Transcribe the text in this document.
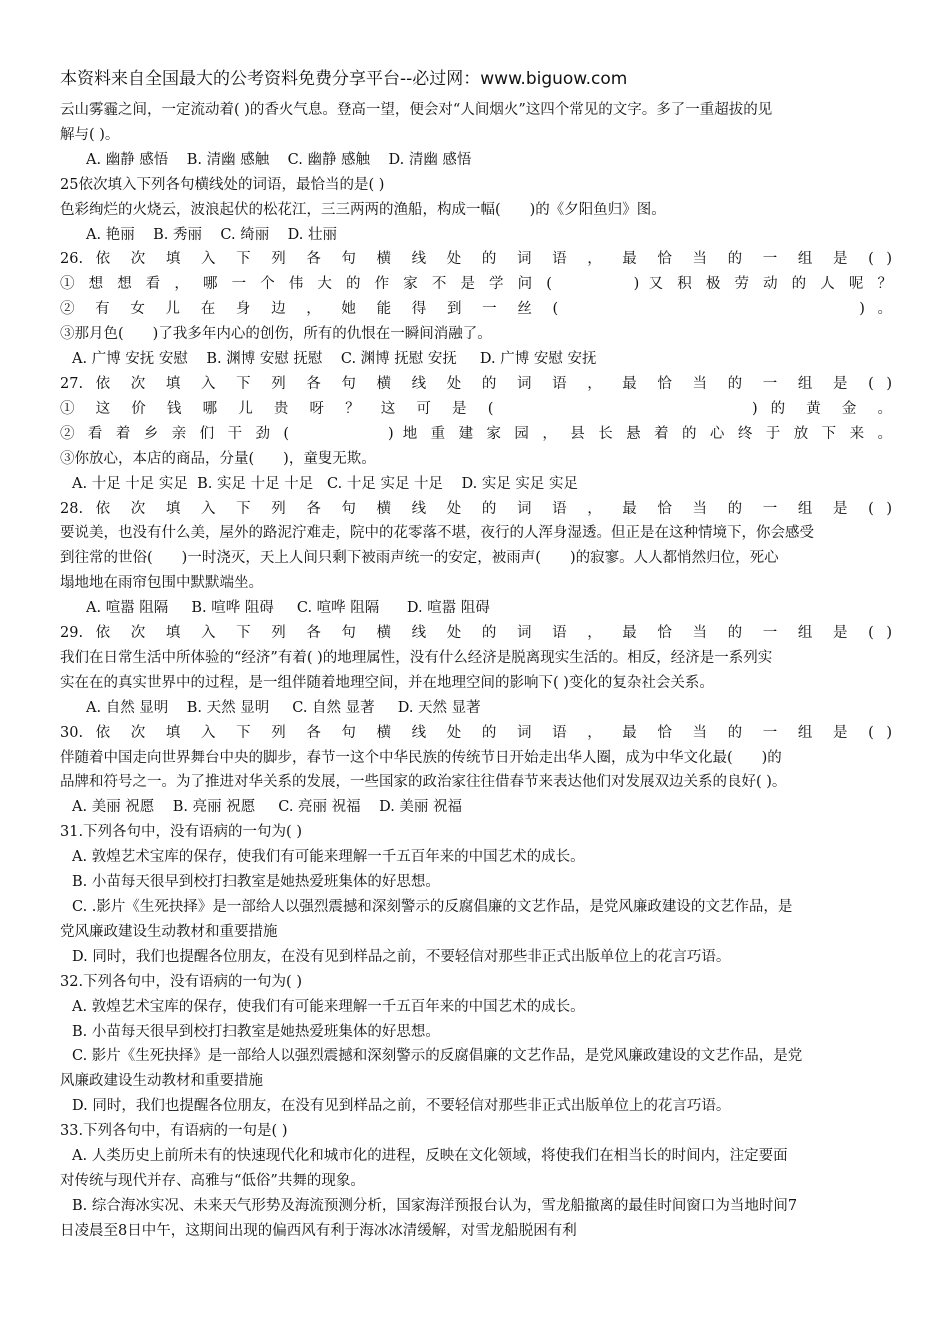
本资料来自全国最大的公考资料免费分享平台--必过网：www.biguow.com

云山雾霾之间，一定流动着( )的香火气息。登高一望，便会对“人间烟火”这四个常见的文字。多了一重超拔的见

解与( )。

A. 幽静 感悟    B. 清幽 感触    C. 幽静 感触    D. 清幽 感悟

25依次填入下列各句横线处的词语，最恰当的是( )

色彩绚烂的火烧云，波浪起伏的松花江，三三两两的渔船，构成一幅(　　)的《夕阳鱼归》图。

A. 艳丽    B. 秀丽    C. 绮丽    D. 壮丽

26. 依 次 填 入 下 列 各 句 横 线 处 的 词 语 ， 最 恰 当 的 一 组 是 ( )

① 想 想 看 ， 哪 一 个 伟 大 的 作 家 不 是 学 问 (　　　　) 又 积 极 劳 动 的 人 呢 ？

② 有 女 儿 在 身 边 ， 她 能 得 到 一 丝 (　　　　　　　　　　　　　) 。

③那月色(　　)了我多年内心的创伤，所有的仇恨在一瞬间消融了。

A. 广博 安抚 安慰    B. 渊博 安慰 抚慰    C. 渊博 抚慰 安抚     D. 广博 安慰 安抚

27. 依 次 填 入 下 列 各 句 横 线 处 的 词 语 ， 最 恰 当 的 一 组 是 ( )

① 这 价 钱 哪 儿 贵 呀 ？ 这 可 是 (　　　　　　　　　　　) 的 黄 金 。

② 看 着 乡 亲 们 干 劲 (　　　　　) 地 重 建 家 园 ， 县 长 悬 着 的 心 终 于 放 下 来 。

③你放心，本店的商品，分量(　　)，童叟无欺。

A. 十足 十足 实足  B. 实足 十足 十足   C. 十足 实足 十足    D. 实足 实足 实足

28. 依 次 填 入 下 列 各 句 横 线 处 的 词 语 ， 最 恰 当 的 一 组 是 ( )

要说美，也没有什么美，屋外的路泥泞难走，院中的花零落不堪，夜行的人浑身湿透。但正是在这种情境下，你会感受

到往常的世俗(　　)一时浇灭，天上人间只剩下被雨声统一的安定，被雨声(　　)的寂寥。人人都悄然归位，死心

塌地地在雨帘包围中默默端坐。

A. 喧嚣 阻隔     B. 喧哗 阻碍     C. 喧哗 阻隔      D. 喧嚣 阻碍

29. 依 次 填 入 下 列 各 句 横 线 处 的 词 语 ， 最 恰 当 的 一 组 是 ( )

我们在日常生活中所体验的“经济”有着( )的地理属性，没有什么经济是脱离现实生活的。相反，经济是一系列实

实在在的真实世界中的过程，是一组伴随着地理空间，并在地理空间的影响下( )变化的复杂社会关系。

A. 自然 显明    B. 天然 显明     C. 自然 显著     D. 天然 显著

30. 依 次 填 入 下 列 各 句 横 线 处 的 词 语 ， 最 恰 当 的 一 组 是 ( )

伴随着中国走向世界舞台中央的脚步，春节一这个中华民族的传统节日开始走出华人圈，成为中华文化最(　　)的

品牌和符号之一。为了推进对华关系的发展，一些国家的政治家往往借春节来表达他们对发展双边关系的良好( )。

A. 美丽 祝愿    B. 亮丽 祝愿     C. 亮丽 祝福    D. 美丽 祝福

31.下列各句中，没有语病的一句为( )

A. 敦煌艺术宝库的保存，使我们有可能来理解一千五百年来的中国艺术的成长。

B. 小苗每天很早到校打扫教室是她热爱班集体的好思想。

C. .影片《生死抉择》是一部给人以强烈震撼和深刻警示的反腐倡廉的文艺作品，是党风廉政建设的文艺作品，是

党风廉政建设生动教材和重要措施

D. 同时，我们也提醒各位朋友，在没有见到样品之前，不要轻信对那些非正式出版单位上的花言巧语。

32.下列各句中，没有语病的一句为( )

A. 敦煌艺术宝库的保存，使我们有可能来理解一千五百年来的中国艺术的成长。

B. 小苗每天很早到校打扫教室是她热爱班集体的好思想。

C. 影片《生死抉择》是一部给人以强烈震撼和深刻警示的反腐倡廉的文艺作品，是党风廉政建设的文艺作品，是党

风廉政建设生动教材和重要措施

D. 同时，我们也提醒各位朋友，在没有见到样品之前，不要轻信对那些非正式出版单位上的花言巧语。

33.下列各句中，有语病的一句是( )

A. 人类历史上前所未有的快速现代化和城市化的进程，反映在文化领域，将使我们在相当长的时间内，注定要面

对传统与现代并存、高雅与“低俗”共舞的现象。

B. 综合海冰实况、未来天气形势及海流预测分析，国家海洋预报台认为，雪龙船撤离的最佳时间窗口为当地时间7

日凌晨至8日中午，这期间出现的偏西风有利于海冰冰清缓解，对雪龙船脱困有利
